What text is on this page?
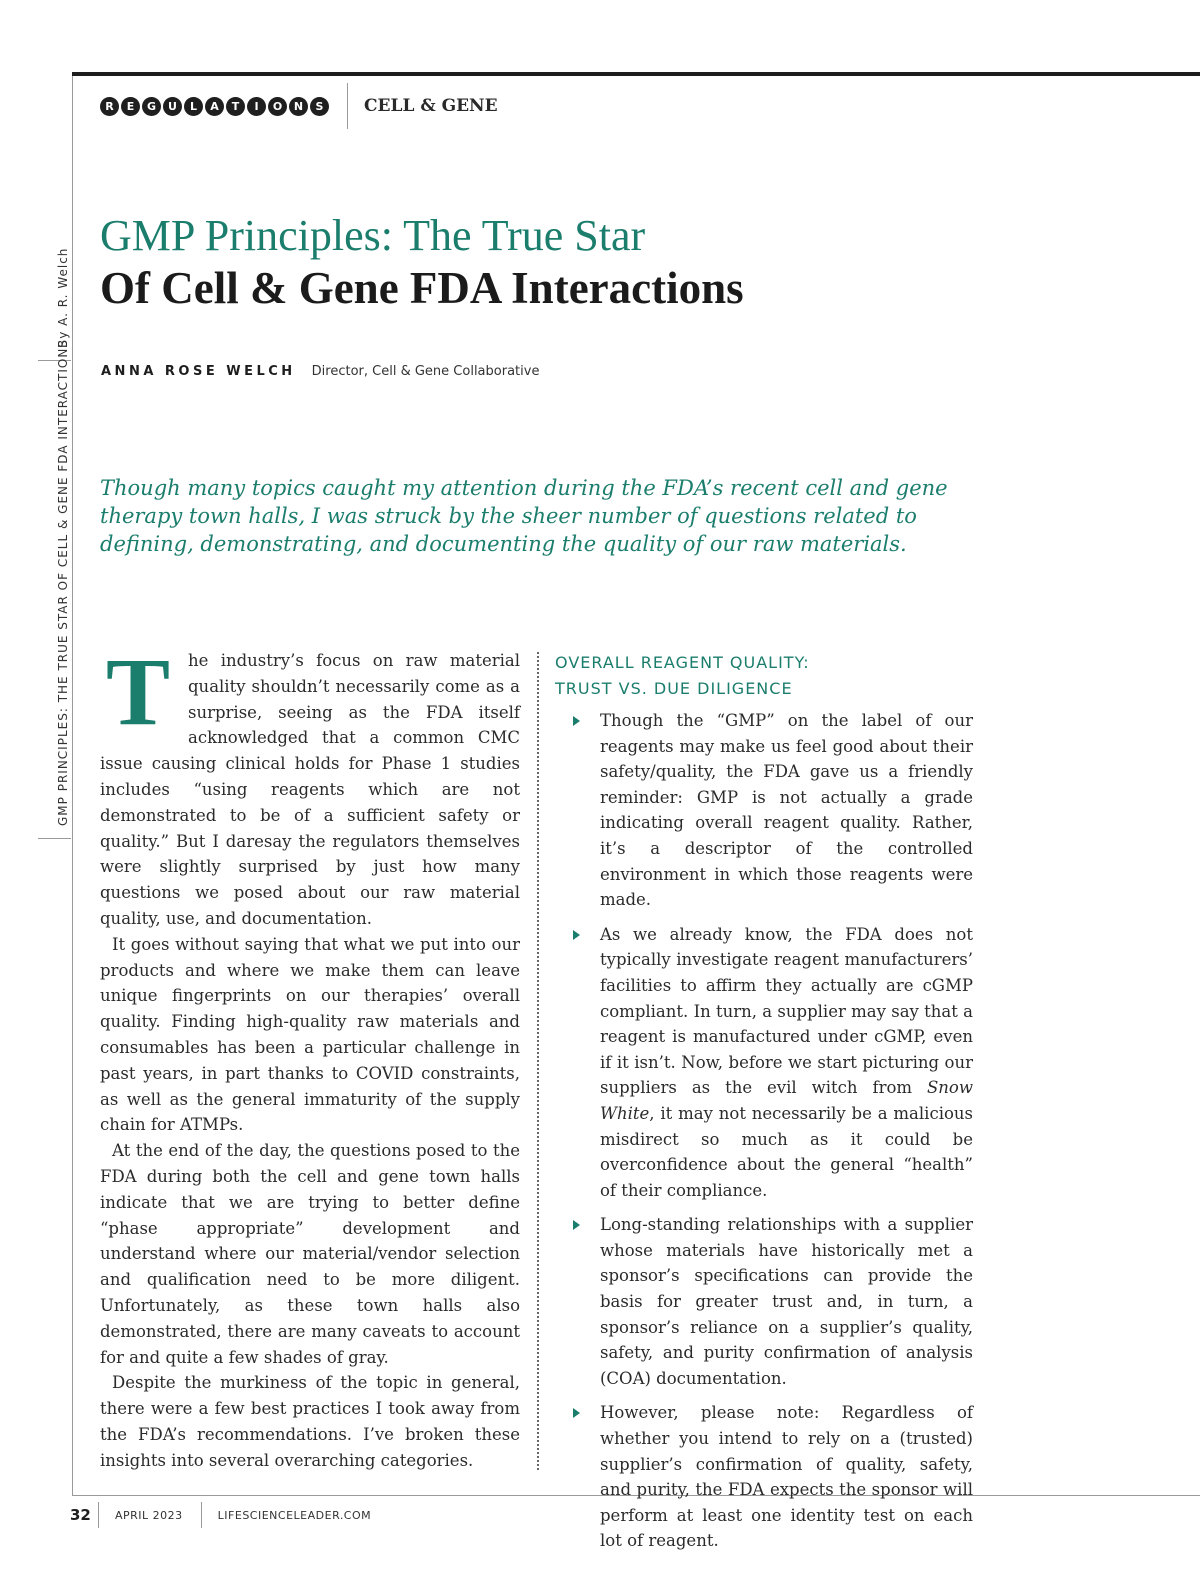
R	E	G	U	L	A	T	I	O	N	S	CELL & GENE
By A. R. Welch
GMP PRINCIPLES: THE TRUE STAR OF CELL & GENE FDA INTERACTIONS
GMP Principles: The True Star
Of Cell & Gene FDA Interactions
ANNA ROSE WELCH Director, Cell & Gene Collaborative

Though many topics caught my attention during the FDA’s recent cell and gene therapy town halls, I was struck by the sheer number of questions related to defining, demonstrating, and documenting the quality of our raw materials.

T	he industry’s focus on raw material quality shouldn’t necessarily come as a surprise, seeing as the FDA itself acknowledged that a common CMC issue causing clinical holds for Phase 1 studies includes “using reagents which are not demonstrated to be of a sufficient safety or quality.” But I daresay the regulators themselves were slightly surprised by just how many questions we posed about our raw material quality, use, and documentation.

It goes without saying that what we put into our products and where we make them can leave unique fingerprints on our therapies’ overall quality. Finding high-quality raw materials and consumables has been a particular challenge in past years, in part thanks to COVID constraints, as well as the general immaturity of the supply chain for ATMPs.

At the end of the day, the questions posed to the FDA during both the cell and gene town halls indicate that we are trying to better define “phase appropriate” development and understand where our material/vendor selection and qualification need to be more diligent. Unfortunately, as these town halls also demonstrated, there are many caveats to account for and quite a few shades of gray.

Despite the murkiness of the topic in general, there were a few best practices I took away from the FDA’s recommendations. I’ve broken these insights into several overarching categories.

OVERALL REAGENT QUALITY:
TRUST VS. DUE DILIGENCE
Though the “GMP” on the label of our reagents may make us feel good about their safety/quality, the FDA gave us a friendly reminder: GMP is not actually a grade indicating overall reagent quality. Rather, it’s a descriptor of the controlled environment in which those reagents were made.
As we already know, the FDA does not typically investigate reagent manufacturers’ facilities to affirm they actually are cGMP compliant. In turn, a supplier may say that a reagent is manufactured under cGMP, even if it isn’t. Now, before we start picturing our suppliers as the evil witch from Snow White, it may not necessarily be a malicious misdirect so much as it could be overconfidence about the general “health” of their compliance.
Long-standing relationships with a supplier whose materials have historically met a sponsor’s specifications can provide the basis for greater trust and, in turn, a sponsor’s reliance on a supplier’s quality, safety, and purity confirmation of analysis (COA) documentation.
However, please note: Regardless of whether you intend to rely on a (trusted) supplier’s confirmation of quality, safety, and purity, the FDA expects the sponsor will perform at least one identity test on each lot of reagent.
32	APRIL 2023	LIFESCIENCELEADER.COM
